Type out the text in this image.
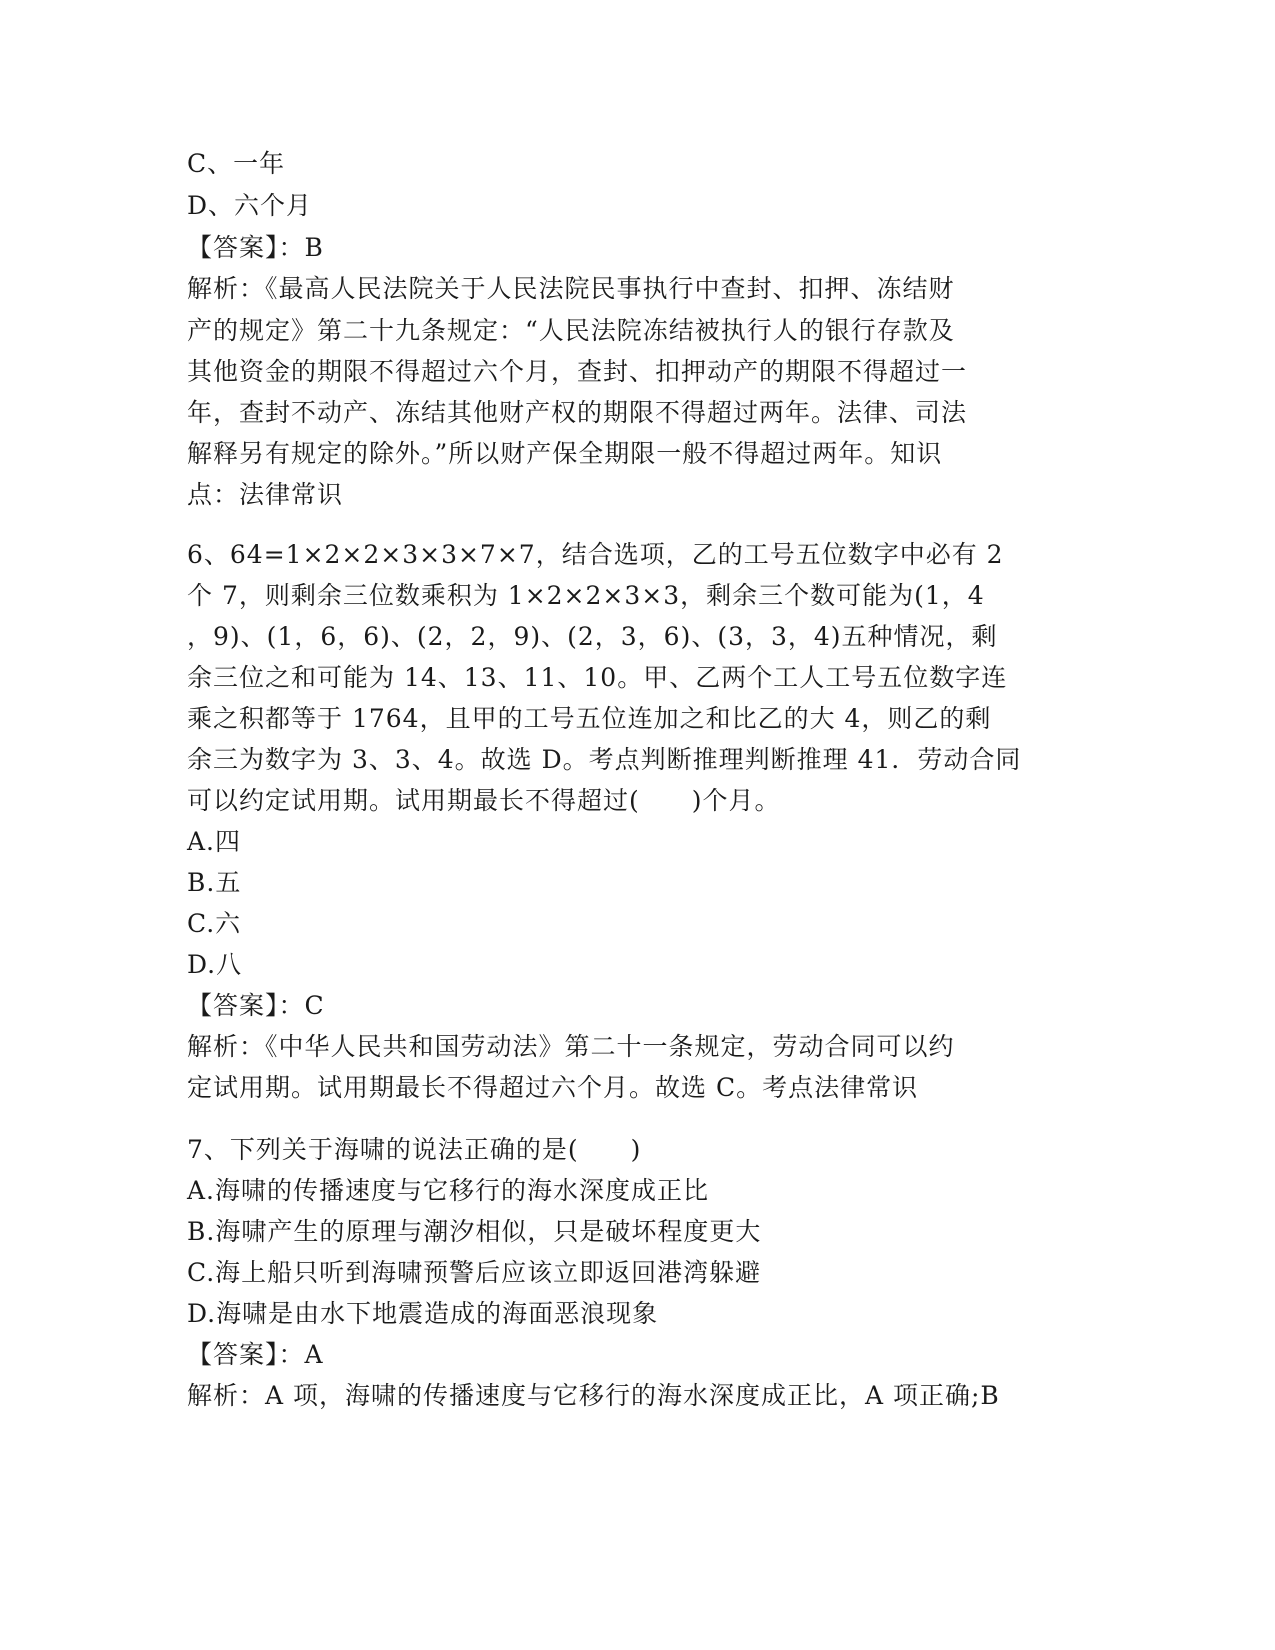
C、一年
D、六个月
【答案】：B
解析：《最高人民法院关于人民法院民事执行中查封、扣押、冻结财
产的规定》第二十九条规定：“人民法院冻结被执行人的银行存款及
其他资金的期限不得超过六个月，查封、扣押动产的期限不得超过一
年，查封不动产、冻结其他财产权的期限不得超过两年。法律、司法
解释另有规定的除外。”所以财产保全期限一般不得超过两年。知识
点：法律常识
6、64=1×2×2×3×3×7×7，结合选项，乙的工号五位数字中必有 2
个 7，则剩余三位数乘积为 1×2×2×3×3，剩余三个数可能为(1，4
，9)、(1，6，6)、(2，2，9)、(2，3，6)、(3，3，4)五种情况，剩
余三位之和可能为 14、13、11、10。甲、乙两个工人工号五位数字连
乘之积都等于 1764，且甲的工号五位连加之和比乙的大 4，则乙的剩
余三为数字为 3、3、4。故选 D。考点判断推理判断推理 41．劳动合同
可以约定试用期。试用期最长不得超过(　　)个月。
A.四
B.五
C.六
D.八
【答案】：C
解析：《中华人民共和国劳动法》第二十一条规定，劳动合同可以约
定试用期。试用期最长不得超过六个月。故选 C。考点法律常识
7、下列关于海啸的说法正确的是(　　)
A.海啸的传播速度与它移行的海水深度成正比
B.海啸产生的原理与潮汐相似，只是破坏程度更大
C.海上船只听到海啸预警后应该立即返回港湾躲避
D.海啸是由水下地震造成的海面恶浪现象
【答案】：A
解析：A 项，海啸的传播速度与它移行的海水深度成正比，A 项正确;B
